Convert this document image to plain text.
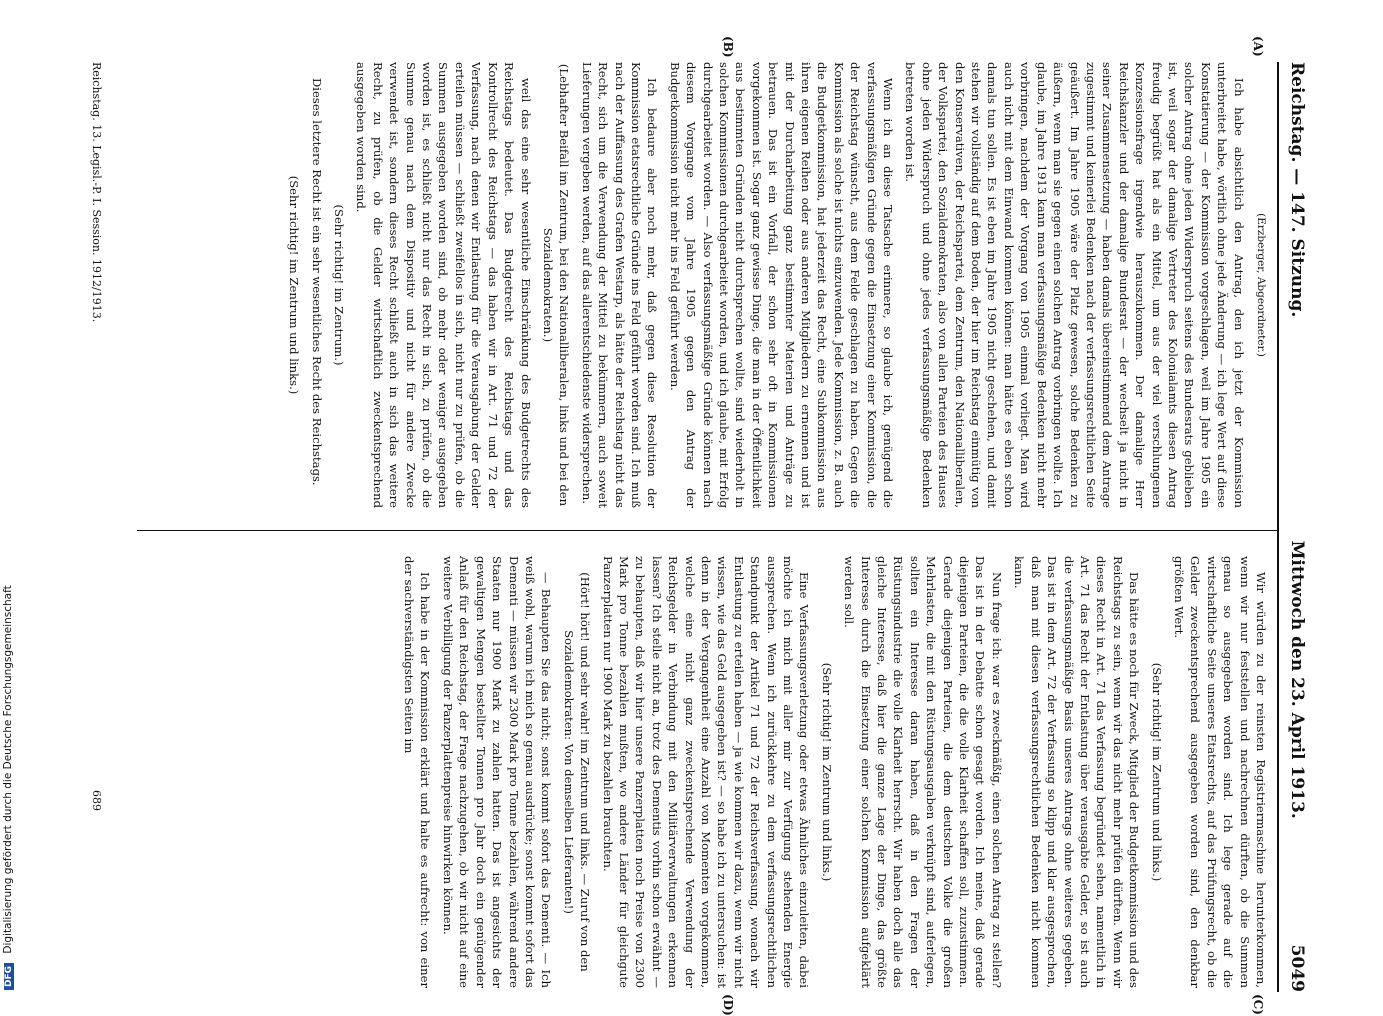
Reichstag. — 147. Sitzung.
Mittwoch den 23. April 1913. 5049
(A)
(B)
(C)
(D)

(Erzberger, Abgeordneter.)

Ich habe absichtlich den Antrag, den ich jetzt der Kommission unterbreitet habe, wörtlich ohne jede Änderung — ich lege Wert auf diese Konstatierung — der Kommission vorgeschlagen, weil im Jahre 1905 ein solcher Antrag ohne jeden Widerspruch seitens des Bundesrats geblieben ist, weil sogar der damalige Vertreter des Kolonialamts diesen Antrag freudig begrüßt hat als ein Mittel, um aus der viel verschlungenen Konzessionsfrage irgendwie herauszukommen. Der damalige Herr Reichskanzler und der damalige Bundesrat — der wechselt ja nicht in seiner Zusammensetzung — haben damals übereinstimmend dem Antrage zugestimmt und keinerlei Bedenken nach der verfassungsrechtlichen Seite geäußert. Im Jahre 1905 wäre der Platz gewesen, solche Bedenken zu äußern, wenn man sie gegen einen solchen Antrag vorbringen wollte. Ich glaube, im Jahre 1913 kann man verfassungsmäßige Bedenken nicht mehr vorbringen, nachdem der Vorgang von 1905 einmal vorliegt. Man wird auch nicht mit dem Einwand kommen können: man hätte es eben schon damals tun sollen. Es ist eben im Jahre 1905 nicht geschehen, und damit stehen wir vollständig auf dem Boden, der hier im Reichstag einmütig von den Konservativen, der Reichspartei, dem Zentrum, den Nationalliberalen, der Volkspartei, den Sozialdemokraten, also von allen Parteien des Hauses ohne jeden Widerspruch und ohne jedes verfassungsmäßige Bedenken betreten worden ist.

Wenn ich an diese Tatsache erinnere, so glaube ich, genügend die verfassungsmäßigen Gründe gegen die Einsetzung einer Kommission, die der Reichstag wünscht, aus dem Felde geschlagen zu haben. Gegen die Kommission als solche ist nichts einzuwenden. Jede Kommission, z. B. auch die Budgetkommission, hat jederzeit das Recht, eine Subkommission aus ihren eigenen Reihen oder aus anderen Mitgliedern zu ernennen und ist mit der Durcharbeitung ganz bestimmter Materien und Anträge zu betrauen. Das ist ein Vorfall, der schon sehr oft in Kommissionen vorgekommen ist. Sogar ganz gewisse Dinge, die man in der Öffentlichkeit aus bestimmten Gründen nicht durchsprechen wollte, sind wiederholt in solchen Kommissionen durchgearbeitet worden, und ich glaube, mit Erfolg durchgearbeitet worden. — Also verfassungsmäßige Gründe können nach diesem Vorgange vom Jahre 1905 gegen den Antrag der Budgetkommission nicht mehr ins Feld geführt werden.

Ich bedaure aber noch mehr, daß gegen diese Resolution der Kommission etatsrechtliche Gründe ins Feld geführt worden sind. Ich muß nach der Auffassung des Grafen Westarp, als hätte der Reichstag nicht das Recht, sich um die Verwendung der Mittel zu bekümmern, auch soweit Lieferungen vergeben werden, auf das allerentschiedenste widersprechen.

(Lebhafter Beifall im Zentrum, bei den Nationalliberalen, links und bei den Sozialdemokraten.)

weil das eine sehr wesentliche Einschränkung des Budgetrechts des Reichstags bedeutet. Das Budgetrecht des Reichstags und das Kontrollrecht des Reichstags — das haben wir in Art. 71 und 72 der Verfassung, nach denen wir Entlastung für die Verausgabung der Gelder erteilen müssen — schließt zweifellos in sich, nicht nur zu prüfen, ob die Summen ausgegeben worden sind, ob mehr oder weniger ausgegeben worden ist, es schließt nicht nur das Recht in sich, zu prüfen, ob die Summe genau nach dem Dispositiv und nicht für andere Zwecke verwendet ist, sondern dieses Recht schließt auch in sich das weitere Recht, zu prüfen, ob die Gelder wirtschaftlich zweckentsprechend ausgegeben worden sind.

(Sehr richtig! im Zentrum.)

Dieses letztere Recht ist ein sehr wesentliches Recht des Reichstags.

(Sehr richtig! im Zentrum und links.)

Wir würden zu der reinsten Registriermaschine herunterkommen, wenn wir nur feststellen und nachrechnen dürften, ob die Summen genau so ausgegeben worden sind. Ich lege gerade auf die wirtschaftliche Seite unseres Etatsrechts, auf das Prüfungsrecht, ob die Gelder zweckentsprechend ausgegeben worden sind, den denkbar größten Wert.

(Sehr richtig! im Zentrum und links.)

Das hätte es noch für Zweck, Mitglied der Budgetkommission und des Reichstags zu sein, wenn wir das nicht mehr prüfen dürften. Wenn wir dieses Recht in Art. 71 das Verfassung begründet sehen, namentlich in Art. 71 das Recht der Entlastung über verausgabte Gelder, so ist auch die verfassungsmäßige Basis unseres Antrags ohne weiteres gegeben. Das ist in dem Art. 72 der Verfassung so klipp und klar ausgesprochen, daß man mit diesen verfassungsrechtlichen Bedenken nicht kommen kann.

Nun frage ich: war es zweckmäßig, einen solchen Antrag zu stellen? Das ist in der Debatte schon gesagt worden. Ich meine, daß gerade diejenigen Parteien, die die volle Klarheit schaffen soll, zuzustimmen. Gerade diejenigen Parteien, die dem deutschen Volke die großen Mehrlasten, die mit den Rüstungsausgaben verknüpft sind, auferlegen, sollten ein Interesse daran haben, daß in den Fragen der Rüstungsindustrie die volle Klarheit herrscht. Wir haben doch alle das gleiche Interesse, daß hier die ganze Lage der Dinge, das größte Interesse durch die Einsetzung einer solchen Kommission aufgeklärt werden soll.

(Sehr richtig! im Zentrum und links.)

Eine Verfassungsverletzung oder etwas Ähnliches einzuleiten, dabei möchte ich mich mit aller mir zur Verfügung stehenden Energie aussprechen. Wenn ich zurückkehre zu dem verfassungsrechtlichen Standpunkt der Artikel 71 und 72 der Reichsverfassung, wonach wir Entlastung zu erteilen haben — ja wie kommen wir dazu, wenn wir nicht wissen, wie das Geld ausgegeben ist? — so habe ich zu untersuchen: ist denn in der Vergangenheit eine Anzahl von Momenten vorgekommen, welche eine nicht ganz zweckentsprechende Verwendung der Reichsgelder in Verbindung mit den Militärverwaltungen erkennen lassen? Ich stelle nicht an, trotz des Dementis vorhin schon erwähnt — zu behaupten, daß wir hier unsere Panzerplatten noch Preise von 2300 Mark pro Tonne bezahlen mußten, wo andere Länder für gleichgute Panzerplatten nur 1900 Mark zu bezahlen brauchten.

(Hört! hört! und sehr wahr! im Zentrum und links. — Zuruf von den Sozialdemokraten: Von demselben Lieferanten!)

— Behaupten Sie das nicht; sonst kommt sofort das Dementi. — Ich weiß wohl, warum ich mich so genau ausdrücke; sonst kommt sofort das Dementi — müssen wir 2300 Mark pro Tonne bezahlen, während andere Staaten nur 1900 Mark zu zahlen hatten. Das ist angesichts der gewaltigen Mengen bestellter Tonnen pro Jahr doch ein genügender Anlaß für den Reichstag, der Frage nachzugehen, ob wir nicht auf eine weitere Verbilligung der Panzerplattenpreise hinwirken können.

Ich habe in der Kommission erklärt und halte es aufrecht: von einer der sachverständigsten Seiten im

Reichstag. 13. Legisl.-P. I. Session. 1912/1913.
689
DFG Digitalisierung gefördert durch die Deutsche Forschungsgemeinschaft
